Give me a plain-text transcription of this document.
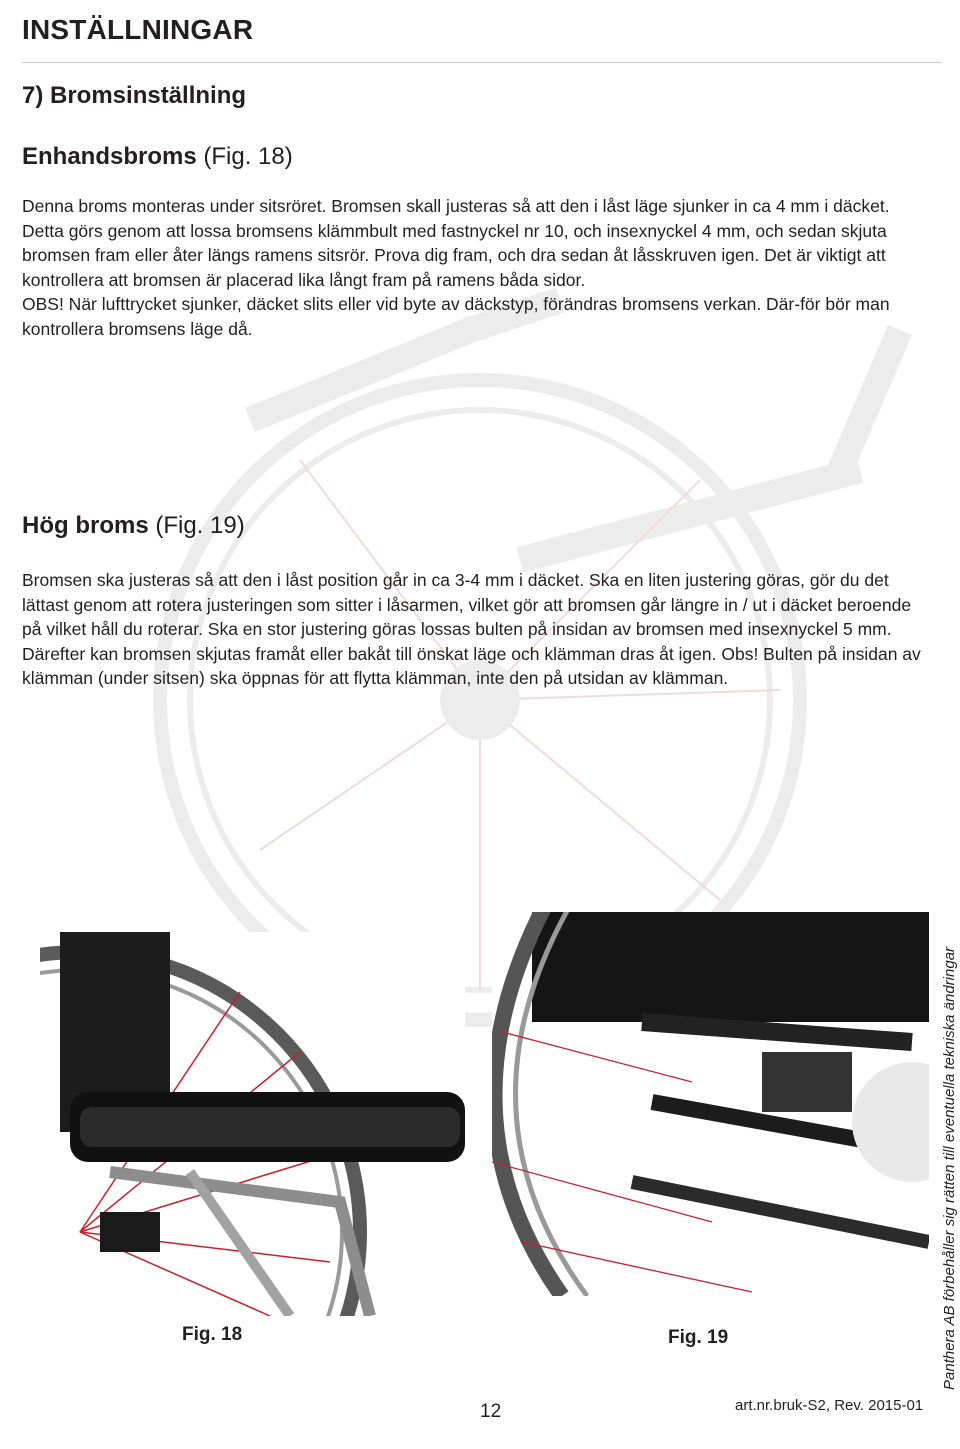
INSTÄLLNINGAR
7) Bromsinställning
Enhandsbroms (Fig. 18)
Denna broms monteras under sitsröret. Bromsen skall justeras så att den i låst läge sjunker in ca 4 mm i däcket. Detta görs genom att lossa bromsens klämmbult med fastnyckel nr 10, och insexnyckel 4 mm, och sedan skjuta bromsen fram eller åter längs ramens sitsrör. Prova dig fram, och dra sedan åt låsskruven igen. Det är viktigt att kontrollera att bromsen är placerad lika långt fram på ramens båda sidor.
OBS! När lufttrycket sjunker, däcket slits eller vid byte av däckstyp, förändras bromsens verkan. Där-för bör man kontrollera bromsens läge då.
Hög broms (Fig. 19)
Bromsen ska justeras så att den i låst position går in ca 3-4 mm i däcket. Ska en liten justering göras, gör du det lättast genom att rotera justeringen som sitter i låsarmen, vilket gör att bromsen går längre in / ut i däcket beroende på vilket håll du roterar. Ska en stor justering göras lossas bulten på insidan av bromsen med insexnyckel 5 mm. Därefter kan bromsen skjutas framåt eller bakåt till önskat läge och klämman dras åt igen. Obs! Bulten på insidan av klämman (under sitsen) ska öppnas för att flytta klämman, inte den på utsidan av klämman.
Fig. 18	Fig. 19
12	art.nr.bruk-S2, Rev. 2015-01
Panthera AB förbehåller sig rätten till eventuella tekniska ändringar
